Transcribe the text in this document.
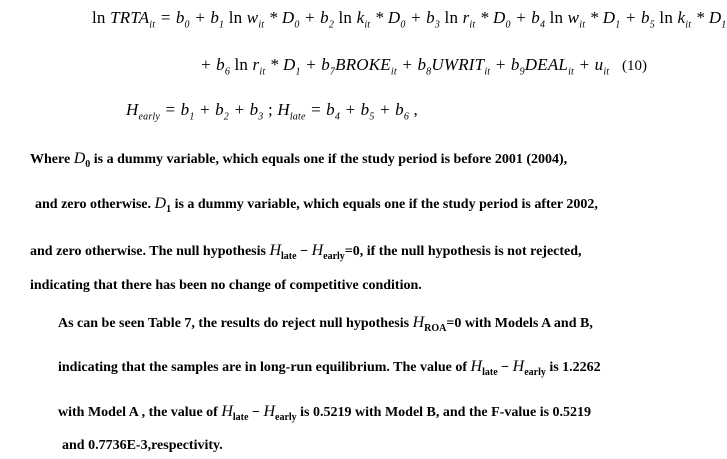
$\ln TRTA_{it} = b_0 + b_1$ $\ln w_{it} * D_0 + b_2$ $\ln k_{it} * D_0 + b_3$ $\ln r_{it} * D_0 + b_4$ $\ln w_{it} * D_1 + b_5$ $\ln k_{it} * D_1$
+ $b_6$ $\ln r_{it} * D_1$ + $b_7BROKE_{it}$ + $b_8UWRIT_{it}$ + $b_9DEAL_{it} + u_{it}$ (10)
$H_{early} = b_1 + b_2 + b_3$ ; $H_{late} = b_4 + b_5 + b_6$ ,
Where $D_0$ is a dummy variable, which equals one if the study period is before 2001 (2004),
and zero otherwise. $D_1$ is a dummy variable, which equals one if the study period is after 2002,
and zero otherwise. The null hypothesis $H_{late} - H_{early}=0$, if the null hypothesis is not rejected,
indicating that there has been no change of competitive condition.
As can be seen Table 7, the results do reject null hypothesis $H_{ROA}=0$ with Models A and B,
indicating that the samples are in long-run equilibrium. The value of $H_{late} - H_{early}$ is 1.2262
with Model A , the value of $H_{late} - H_{early}$ is 0.5219 with Model B, and the F-value is 0.5219
and 0.7736E-3,respectivity.
